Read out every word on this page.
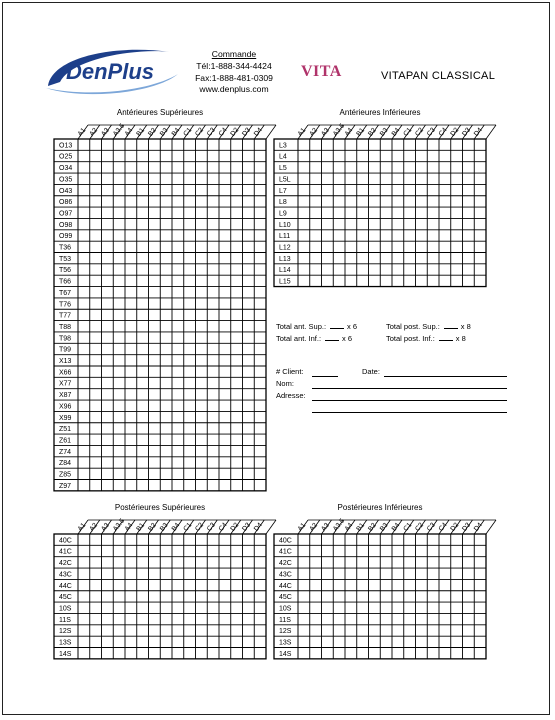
DenPlus
Commande
Tél:1-888-344-4424
Fax:1-888-481-0309
www.denplus.com
VITA	VITAPAN CLASSICAL
Antérieures Supérieures	Antérieures Inférieures
Postérieures Supérieures	Postérieures Inférieures
A1 A2 A3 A3.5
A4 B1 B2 B3 B4 C1 C2 C3 C4 D2 D3 D4
O13
O25
O34
O35
O43
O86
O97
O98
O99
T36
T53
T56
T66
T67
T76
T77
T88
T98
T99
X13
X66
X77
X87
X96
X99
Z51
Z61
Z74
Z84
Z85
Z97
A1 A2 A3 A3.5
A4 B1 B2 B3 B4 C1 C2 C3 C4 D2 D3 D4
L3
L4
L5
L5L
L7
L8
L9
L10
L11
L12
L13
L14
L15
A1 A2 A3 A3.5
A4 B1 B2 B3 B4 C1 C2 C3 C4 D2 D3 D4
40C
41C
42C
43C
44C
45C
10S
11S
12S
13S
14S
A1 A2 A3 A3.5
A4 B1 B2 B3 B4 C1 C2 C3 C4 D2 D3 D4
40C
41C
42C
43C
44C
45C
10S
11S
12S
13S
14S
Total ant. Sup.:	x 6
Total ant. Inf.:	x 6
Total post. Sup.:	x 8
Total post. Inf.:	x 8
# Client:	Date:
Nom:
Adresse:
